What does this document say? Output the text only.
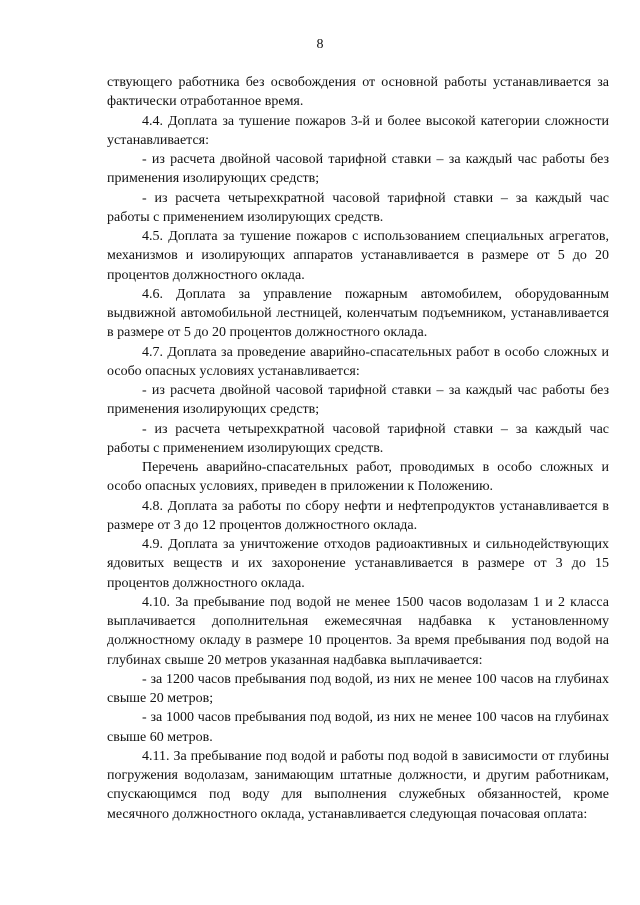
8

ствующего работника без освобождения от основной работы устанавливается за фактически отработанное время.

4.4. Доплата за тушение пожаров 3-й и более высокой категории сложности устанавливается:

- из расчета двойной часовой тарифной ставки – за каждый час работы без применения изолирующих средств;

- из расчета четырехкратной часовой тарифной ставки – за каждый час работы с применением изолирующих средств.

4.5. Доплата за тушение пожаров с использованием специальных агрегатов, механизмов и изолирующих аппаратов устанавливается в размере от 5 до 20 процентов должностного оклада.

4.6. Доплата за управление пожарным автомобилем, оборудованным выдвижной автомобильной лестницей, коленчатым подъемником, устанавливается в размере от 5 до 20 процентов должностного оклада.

4.7. Доплата за проведение аварийно-спасательных работ в особо сложных и особо опасных условиях устанавливается:

- из расчета двойной часовой тарифной ставки – за каждый час работы без применения изолирующих средств;

- из расчета четырехкратной часовой тарифной ставки – за каждый час работы с применением изолирующих средств.

Перечень аварийно-спасательных работ, проводимых в особо сложных и особо опасных условиях, приведен в приложении к Положению.

4.8. Доплата за работы по сбору нефти и нефтепродуктов устанавливается в размере от 3 до 12 процентов должностного оклада.

4.9. Доплата за уничтожение отходов радиоактивных и сильнодействующих ядовитых веществ и их захоронение устанавливается в размере от 3 до 15 процентов должностного оклада.

4.10. За пребывание под водой не менее 1500 часов водолазам 1 и 2 класса выплачивается дополнительная ежемесячная надбавка к установленному должностному окладу в размере 10 процентов. За время пребывания под водой на глубинах свыше 20 метров указанная надбавка выплачивается:

- за 1200 часов пребывания под водой, из них не менее 100 часов на глубинах свыше 20 метров;

- за 1000 часов пребывания под водой, из них не менее 100 часов на глубинах свыше 60 метров.

4.11. За пребывание под водой и работы под водой в зависимости от глубины погружения водолазам, занимающим штатные должности, и другим работникам, спускающимся под воду для выполнения служебных обязанностей, кроме месячного должностного оклада, устанавливается следующая почасовая оплата:
